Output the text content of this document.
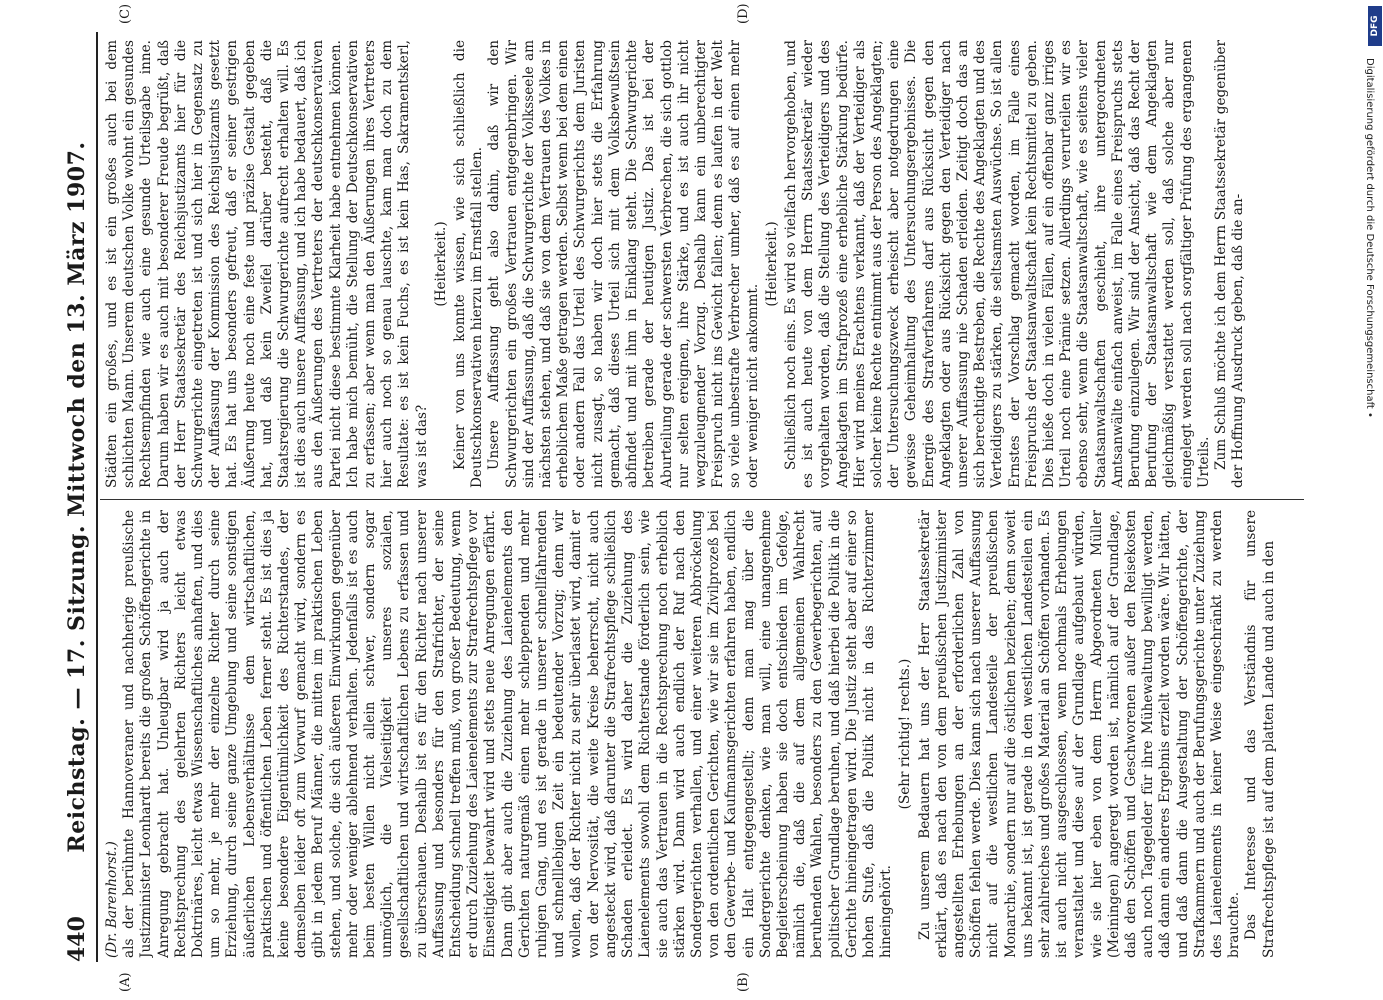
440
Reichstag. — 17. Sitzung. Mittwoch den 13. März 1907.
(A)	(B)
(C)	(D)

(Dr. Barenhorst.) als der berühmte Hannoveraner und nachherige preußische Justizminister Leonhardt bereits die großen Schöffengerichte in Anregung gebracht hat. Unleugbar wird ja auch der Rechtsprechung des gelehrten Richters leicht etwas Doktrinäres, leicht etwas Wissenschaftliches anhaften, und dies um so mehr, je mehr der einzelne Richter durch seine Erziehung, durch seine ganze Umgebung und seine sonstigen äußerlichen Lebensverhältnisse dem wirtschaftlichen, praktischen und öffentlichen Leben ferner steht. Es ist dies ja keine besondere Eigentümlichkeit des Richterstandes, der demselben leider oft zum Vorwurf gemacht wird, sondern es gibt in jedem Beruf Männer, die mitten im praktischen Leben stehen, und solche, die sich äußeren Einwirkungen gegenüber mehr oder weniger ablehnend verhalten. Jedenfalls ist es auch beim besten Willen nicht allein schwer, sondern sogar unmöglich, die Vielseitigkeit unseres sozialen, gesellschaftlichen und wirtschaftlichen Lebens zu erfassen und zu überschauen. Deshalb ist es für den Richter nach unserer Auffassung und besonders für den Strafrichter, der seine Entscheidung schnell treffen muß, von großer Bedeutung, wenn er durch Zuziehung des Laienelements zur Strafrechtspflege vor Einseitigkeit bewahrt wird und stets neue Anregungen erfährt. Dann gibt aber auch die Zuziehung des Laienelements den Gerichten naturgemäß einen mehr schleppenden und mehr ruhigen Gang, und es ist gerade in unserer schnellfahrenden und schnelllebigen Zeit ein bedeutender Vorzug; denn wir wollen, daß der Richter nicht zu sehr überlastet wird, damit er von der Nervosität, die weite Kreise beherrscht, nicht auch angesteckt wird, daß darunter die Strafrechtspflege schließlich Schaden erleidet. Es wird daher die Zuziehung des Laienelements sowohl dem Richterstande förderlich sein, wie sie auch das Vertrauen in die Rechtsprechung noch erheblich stärken wird. Dann wird auch endlich der Ruf nach den Sondergerichten verhallen, und einer weiteren Abbröckelung von den ordentlichen Gerichten, wie wir sie im Zivilprozeß bei den Gewerbe- und Kaufmannsgerichten erfahren haben, endlich ein Halt entgegengestellt; denn man mag über die Sondergerichte denken, wie man will, eine unangenehme Begleiterscheinung haben sie doch entschieden im Gefolge, nämlich die, daß die auf dem allgemeinen Wahlrecht beruhenden Wahlen, besonders zu den Gewerbegerichten, auf politischer Grundlage beruhen, und daß hierbei die Politik in die Gerichte hineingetragen wird. Die Justiz steht aber auf einer so hohen Stufe, daß die Politik nicht in das Richterzimmer hineingehört.

(Sehr richtig! rechts.) Zu unserem Bedauern hat uns der Herr Staatssekretär erklärt, daß es nach den von dem preußischen Justizminister angestellten Erhebungen an der erforderlichen Zahl von Schöffen fehlen werde. Dies kann sich nach unserer Auffassung nicht auf die westlichen Landesteile der preußischen Monarchie, sondern nur auf die östlichen beziehen; denn soweit uns bekannt ist, ist gerade in den westlichen Landesteilen ein sehr zahlreiches und großes Material an Schöffen vorhanden. Es ist auch nicht ausgeschlossen, wenn nochmals Erhebungen veranstaltet und diese auf der Grundlage aufgebaut würden, wie sie hier eben von dem Herrn Abgeordneten Müller (Meiningen) angeregt worden ist, nämlich auf der Grundlage, daß den Schöffen und Geschworenen außer den Reisekosten auch noch Tagegelder für ihre Mühewaltung bewilligt werden, daß dann ein anderes Ergebnis erzielt worden wäre. Wir hätten, und daß dann die Ausgestaltung der Schöffengerichte, der Strafkammern und auch der Berufungsgerichte unter Zuziehung des Laienelements in keiner Weise eingeschränkt zu werden brauchte. Das Interesse und das Verständnis für unsere Strafrechtspflege ist auf dem platten Lande und auch in den

Städten ein großes, und es ist ein großes auch bei dem schlichten Mann. Unserem deutschen Volke wohnt ein gesundes Rechtsempfinden wie auch eine gesunde Urteilsgabe inne. Darum haben wir es auch mit besonderer Freude begrüßt, daß der Herr Staatssekretär des Reichsjustizamts hier für die Schwurgerichte eingetreten ist und sich hier in Gegensatz zu der Auffassung der Kommission des Reichsjustizamts gesetzt hat. Es hat uns besonders gefreut, daß er seiner gestrigen Äußerung heute noch eine feste und präzise Gestalt gegeben hat, und daß kein Zweifel darüber besteht, daß die Staatsregierung die Schwurgerichte aufrecht erhalten will. Es ist dies auch unsere Auffassung, und ich habe bedauert, daß ich aus den Äußerungen des Vertreters der deutschkonservativen Partei nicht diese bestimmte Klarheit habe entnehmen können. Ich habe mich bemüht, die Stellung der Deutschkonservativen zu erfassen; aber wenn man den Äußerungen ihres Vertreters hier auch noch so genau lauschte, kam man doch zu dem Resultate: es ist kein Fuchs, es ist kein Has, Sakramentskerl, was ist das?

(Heiterkeit.) Keiner von uns konnte wissen, wie sich schließlich die Deutschkonservativen hierzu im Ernstfall stellen. Unsere Auffassung geht also dahin, daß wir den Schwurgerichten ein großes Vertrauen entgegenbringen. Wir sind der Auffassung, daß die Schwurgerichte der Volksseele am nächsten stehen, und daß sie von dem Vertrauen des Volkes in erheblichem Maße getragen werden. Selbst wenn bei dem einen oder andern Fall das Urteil des Schwurgerichts dem Juristen nicht zusagt, so haben wir doch hier stets die Erfahrung gemacht, daß dieses Urteil sich mit dem Volksbewußtsein abfindet und mit ihm in Einklang steht. Die Schwurgerichte betreiben gerade der heutigen Justiz. Das ist bei der Aburteilung gerade der schwersten Verbrechen, die sich gottlob nur selten ereignen, ihre Stärke, und es ist auch ihr nicht wegzuleugnender Vorzug. Deshalb kann ein unberechtigter Freispruch nicht ins Gewicht fallen; denn es laufen in der Welt so viele unbestrafte Verbrecher umher, daß es auf einen mehr oder weniger nicht ankommt.

(Heiterkeit.) Schließlich noch eins. Es wird so vielfach hervorgehoben, und es ist auch heute von dem Herrn Staatssekretär wieder vorgehalten worden, daß die Stellung des Verteidigers und des Angeklagten im Strafprozeß eine erhebliche Stärkung bedürfe. Hier wird meines Erachtens verkannt, daß der Verteidiger als solcher keine Rechte entnimmt aus der Person des Angeklagten; der Untersuchungszweck erheischt aber notgedrungen eine gewisse Geheimhaltung des Untersuchungsergebnisses. Die Energie des Strafverfahrens darf aus Rücksicht gegen den Angeklagten oder aus Rücksicht gegen den Verteidiger nach unserer Auffassung nie Schaden erleiden. Zeitigt doch das an sich berechtigte Bestreben, die Rechte des Angeklagten und des Verteidigers zu stärken, die seltsamsten Auswüchse. So ist allen Ernstes der Vorschlag gemacht worden, im Falle eines Freispruchs der Staatsanwaltschaft kein Rechtsmittel zu geben. Dies hieße doch in vielen Fällen, auf ein offenbar ganz irriges Urteil noch eine Prämie setzen. Allerdings verurteilen wir es ebenso sehr, wenn die Staatsanwaltschaft, wie es seitens vieler Staatsanwaltschaften geschieht, ihre untergeordneten Amtsanwälte einfach anweist, im Falle eines Freispruchs stets Berufung einzulegen. Wir sind der Ansicht, daß das Recht der Berufung der Staatsanwaltschaft wie dem Angeklagten gleichmäßig verstattet werden soll, daß solche aber nur eingelegt werden soll nach sorgfältiger Prüfung des ergangenen Urteils. Zum Schluß möchte ich dem Herrn Staatssekretär gegenüber der Hoffnung Ausdruck geben, daß die an-

DFG
Digitalisierung gefördert durch die Deutsche Forschungsgemeinschaft •
